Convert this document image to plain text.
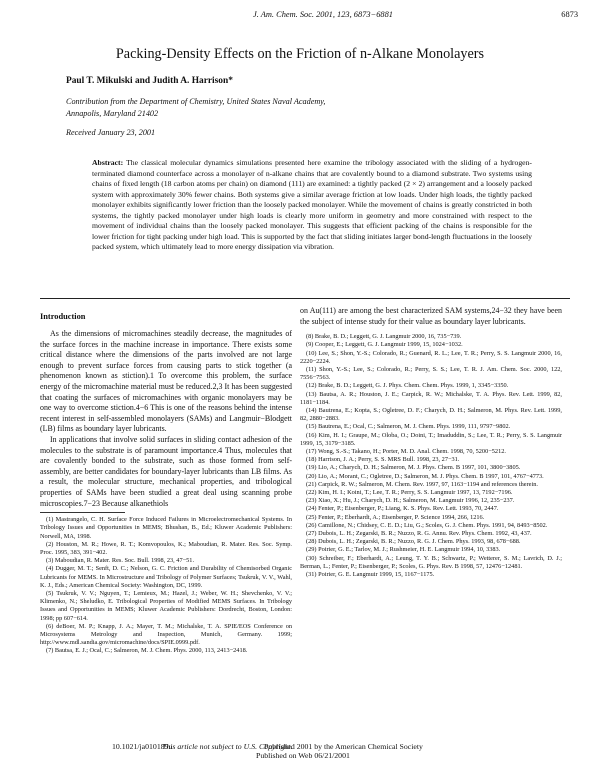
J. Am. Chem. Soc. 2001, 123, 6873−6881	6873
Packing-Density Effects on the Friction of n-Alkane Monolayers
Paul T. Mikulski and Judith A. Harrison*
Contribution from the Department of Chemistry, United States Naval Academy,
Annapolis, Maryland 21402
Received January 23, 2001

Abstract: The classical molecular dynamics simulations presented here examine the tribology associated with the sliding of a hydrogen-terminated diamond counterface across a monolayer of n-alkane chains that are covalently bound to a diamond substrate. Two systems using chains of fixed length (18 carbon atoms per chain) on diamond (111) are examined: a tightly packed (2 × 2) arrangement and a loosely packed system with approximately 30% fewer chains. Both systems give a similar average friction at low loads. Under high loads, the tightly packed monolayer exhibits significantly lower friction than the loosely packed monolayer. While the movement of chains is greatly constricted in both systems, the tightly packed monolayer under high loads is clearly more uniform in geometry and more constrained with respect to the movement of individual chains than the loosely packed monolayer. This suggests that efficient packing of the chains is responsible for the lower friction for tight packing under high load. This is supported by the fact that sliding initiates larger bond-length fluctuations in the loosely packed system, which ultimately lead to more energy dissipation via vibration.

Introduction

As the dimensions of micromachines steadily decrease, the magnitudes of the surface forces in the machine increase in importance. There exists some critical distance where the dimensions of the parts involved are not large enough to prevent surface forces from causing parts to stick together (a phenomenon known as stiction).1 To overcome this problem, the surface energy of the micromachine material must be reduced.2,3 It has been suggested that coating the surfaces of micromachines with organic monolayers may be one way to overcome stiction.4−6 This is one of the reasons behind the intense recent interest in self-assembled monolayers (SAMs) and Langmuir−Blodgett (LB) films as boundary layer lubricants.

In applications that involve solid surfaces in sliding contact adhesion of the molecules to the substrate is of paramount importance.4 Thus, molecules that are covalently bonded to the substrate, such as those formed from self-assembly, are better candidates for boundary-layer lubricants than LB films. As a result, the molecular structure, mechanical properties, and tribological properties of SAMs have been studied a great deal using scanning probe microscopies.7−23 Because alkanethiols

(1) Mastrangelo, C. H. Surface Force Induced Failures in Microelectromechanical Systems. In Tribology Issues and Opportunities in MEMS; Bhushan, B., Ed.; Kluwer Academic Publishers: Norwell, MA, 1998.
(2) Houston, M. R.; Howe, R. T.; Komvopoulos, K.; Maboudian, R. Mater. Res. Soc. Symp. Proc. 1995, 383, 391−402.
(3) Maboudian, R. Mater. Res. Soc. Bull. 1998, 23, 47−51.
(4) Dugger, M. T.; Senft, D. C.; Nelson, G. C. Friction and Durability of Chemisorbed Organic Lubricants for MEMS. In Microstructure and Tribology of Polymer Surfaces; Tsukruk, V. V., Wahl, K. J., Eds.; American Chemical Society: Washington, DC, 1999.
(5) Tsukruk, V. V.; Nguyen, T.; Lemieux, M.; Hazel, J.; Weber, W. H.; Shevchenko, V. V.; Klimenko, N.; Sheludko, E. Tribological Properties of Modified MEMS Surfaces. In Tribology Issues and Opportunities in MEMS; Kluwer Academic Publishers: Dordrecht, Boston, London: 1998; pp 607−614.
(6) deBoer, M. P.; Knapp, J. A.; Mayer, T. M.; Michalske, T. A. SPIE/EOS Conference on Microsystems Metrology and Inspection, Munich, Germany. 1999; http://www.mdl.sandia.gov/micromachine/docs/SPIE.0999.pdf.
(7) Bautsa, E. J.; Ocal, C.; Salmeron, M. J. Chem. Phys. 2000, 113, 2413−2418.

on Au(111) are among the best characterized SAM systems,24−32 they have been the subject of intense study for their value as boundary layer lubricants.

(8) Brake, B. D.; Leggett, G. J. Langmuir 2000, 16, 735−739.
(9) Cooper, E.; Leggett, G. J. Langmuir 1999, 15, 1024−1032.
(10) Lee, S.; Shon, Y.-S.; Colorado, R.; Guenard, R. L.; Lee, T. R.; Perry, S. S. Langmuir 2000, 16, 2220−2224.
(11) Shon, Y.-S.; Lee, S.; Colorado, R.; Perry, S. S.; Lee, T. R. J. Am. Chem. Soc. 2000, 122, 7556−7563.
(12) Brake, B. D.; Leggett, G. J. Phys. Chem. Chem. Phys. 1999, 1, 3345−3350.
(13) Bautsa, A. R.; Houston, J. E.; Carpick, R. W.; Michalske, T. A. Phys. Rev. Lett. 1999, 82, 1181−1184.
(14) Bautrena, E.; Kopta, S.; Ogletree, D. F.; Charych, D. H.; Salmeron, M. Phys. Rev. Lett. 1999, 82, 2880−2883.
(15) Bautrena, E.; Ocal, C.; Salmeron, M. J. Chem. Phys. 1999, 111, 9797−9802.
(16) Kim, H. I.; Graupe, M.; Oloba, O.; Doini, T.; Imaduddin, S.; Lee, T. R.; Perry, S. S. Langmuir 1999, 15, 3179−3185.
(17) Wong, S.-S.; Takano, H.; Porter, M. D. Anal. Chem. 1998, 70, 5200−5212.
(18) Harrison, J. A.; Perry, S. S. MRS Bull. 1998, 23, 27−31.
(19) Lio, A.; Charych, D. H.; Salmeron, M. J. Phys. Chem. B 1997, 101, 3800−3805.
(20) Lio, A.; Morant, C.; Ogletree, D.; Salmeron, M. J. Phys. Chem. B 1997, 101, 4767−4773.
(21) Carpick, R. W.; Salmeron, M. Chem. Rev. 1997, 97, 1163−1194 and references therein.
(22) Kim, H. I.; Koini, T.; Lee, T. R.; Perry, S. S. Langmuir 1997, 13, 7192−7196.
(23) Xiao, X.; Hu, J.; Charych, D. H.; Salmeron, M. Langmuir 1996, 12, 235−237.
(24) Fenter, P.; Eisenberger, P.; Liang, K. S. Phys. Rev. Lett. 1993, 70, 2447.
(25) Fenter, P.; Eberhardt, A.; Eisenberger, P. Science 1994, 266, 1216.
(26) Camillone, N.; Chidsey, C. E. D.; Liu, G.; Scoles, G. J. Chem. Phys. 1991, 94, 8493−8502.
(27) Dubois, L. H.; Zegarski, B. R.; Nuzzo, R. G. Annu. Rev. Phys. Chem. 1992, 43, 437.
(28) Dubois, L. H.; Zegarski, B. R.; Nuzzo, R. G. J. Chem. Phys. 1993, 98, 678−688.
(29) Poirier, G. E.; Tarlov, M. J.; Rushmeier, H. E. Langmuir 1994, 10, 3383.
(30) Schreiber, F.; Eberhardt, A.; Leung, T. Y. B.; Schwartz, P.; Wetterer, S. M.; Lavrich, D. J.; Berman, L.; Fenter, P.; Eisenberger, P.; Scoles, G. Phys. Rev. B 1998, 57, 12476−12481.
(31) Poirier, G. E. Langmuir 1999, 15, 1167−1175.
10.1021/ja010189u
This article not subject to U.S. Copyright.
Published 2001 by the American Chemical Society
Published on Web 06/21/2001
